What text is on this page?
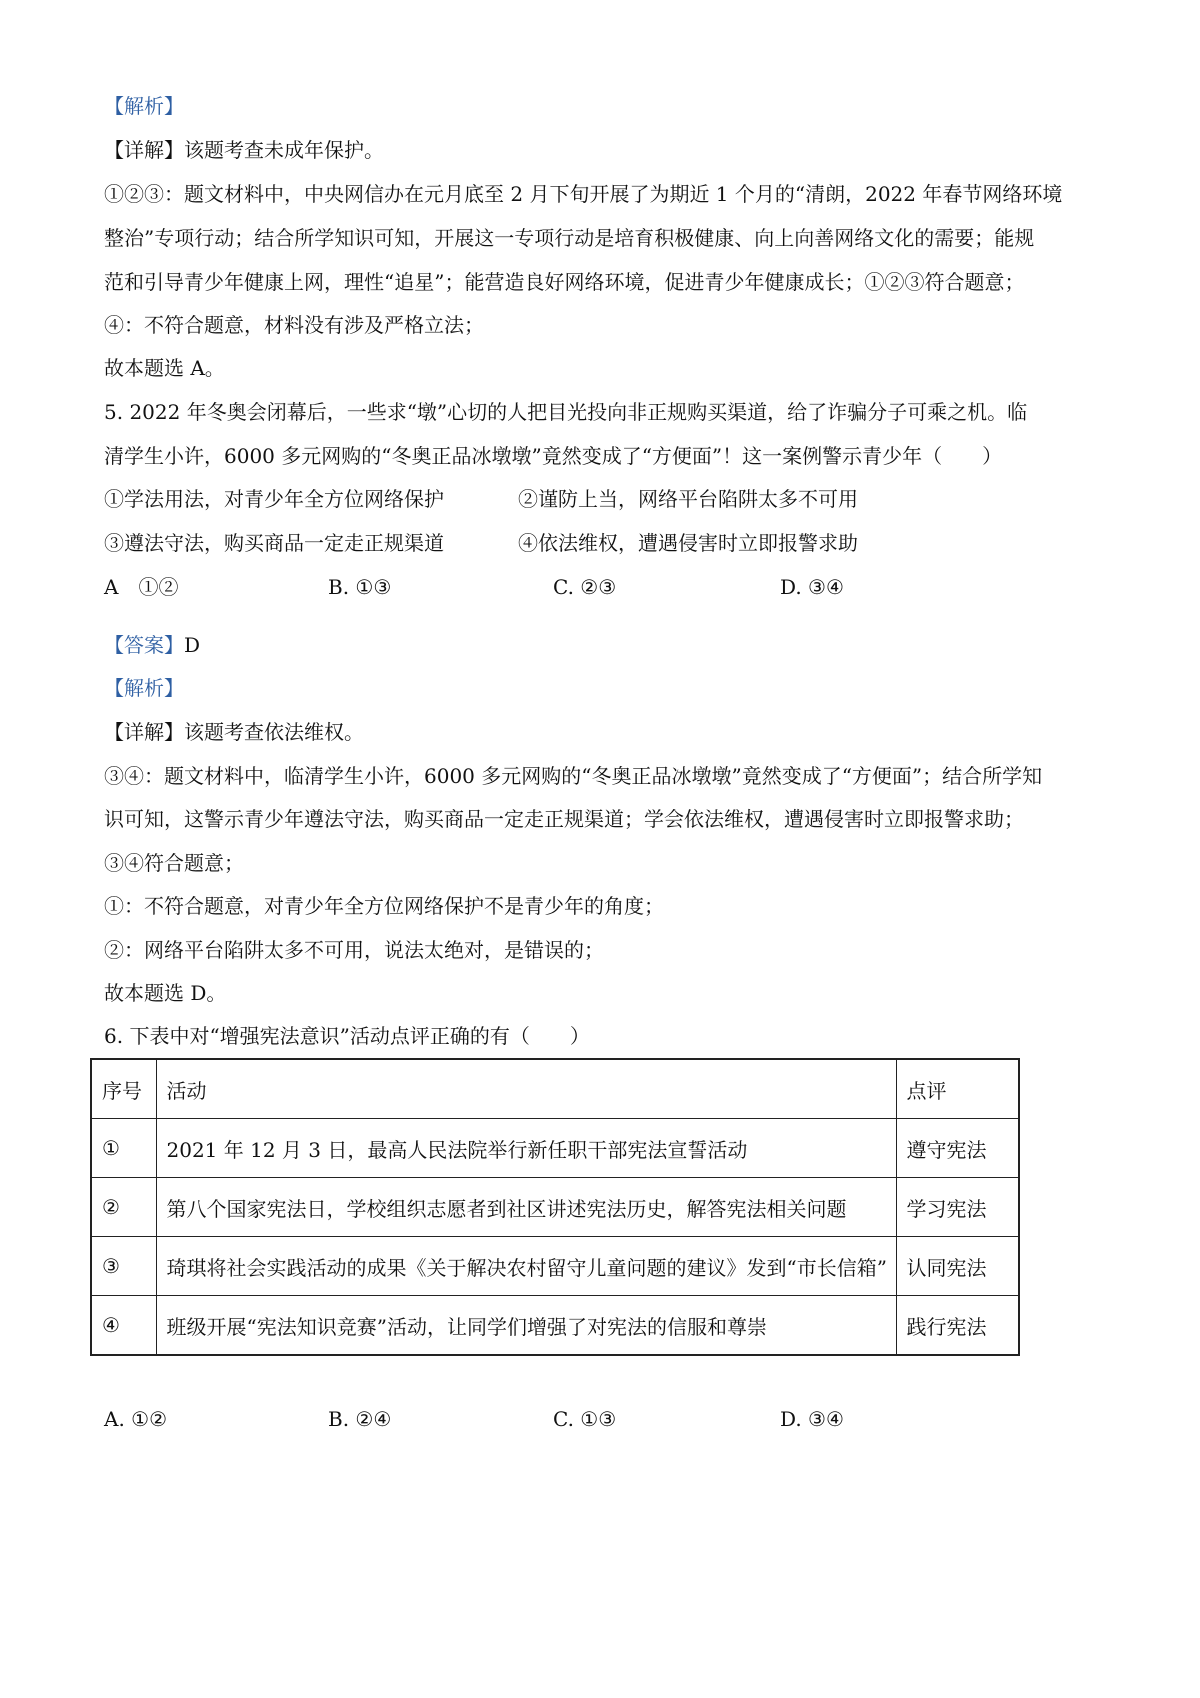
【解析】
【详解】该题考查未成年保护。
①②③：题文材料中，中央网信办在元月底至 2 月下旬开展了为期近 1 个月的“清朗，2022 年春节网络环境
整治”专项行动；结合所学知识可知，开展这一专项行动是培育积极健康、向上向善网络文化的需要；能规
范和引导青少年健康上网，理性“追星”；能营造良好网络环境，促进青少年健康成长；①②③符合题意；
④：不符合题意，材料没有涉及严格立法；
故本题选 A。
5. 2022 年冬奥会闭幕后，一些求“墩”心切的人把目光投向非正规购买渠道，给了诈骗分子可乘之机。临
清学生小许，6000 多元网购的“冬奥正品冰墩墩”竟然变成了“方便面”！这一案例警示青少年（　　）
①学法用法，对青少年全方位网络保护	②谨防上当，网络平台陷阱太多不可用
③遵法守法，购买商品一定走正规渠道	④依法维权，遭遇侵害时立即报警求助
A　①②	B. ①③	C. ②③	D. ③④
【答案】D
【解析】
【详解】该题考查依法维权。
③④：题文材料中，临清学生小许，6000 多元网购的“冬奥正品冰墩墩”竟然变成了“方便面”；结合所学知
识可知，这警示青少年遵法守法，购买商品一定走正规渠道；学会依法维权，遭遇侵害时立即报警求助；
③④符合题意；
①：不符合题意，对青少年全方位网络保护不是青少年的角度；
②：网络平台陷阱太多不可用，说法太绝对，是错误的；
故本题选 D。
6. 下表中对“增强宪法意识”活动点评正确的有（　　）
序号	活动	点评
①	2021 年 12 月 3 日，最高人民法院举行新任职干部宪法宣誓活动	遵守宪法
②	第八个国家宪法日，学校组织志愿者到社区讲述宪法历史，解答宪法相关问题	学习宪法
③	琦琪将社会实践活动的成果《关于解决农村留守儿童问题的建议》发到“市长信箱”	认同宪法
④	班级开展“宪法知识竞赛”活动，让同学们增强了对宪法的信服和尊崇	践行宪法
A. ①②	B. ②④	C. ①③	D. ③④
